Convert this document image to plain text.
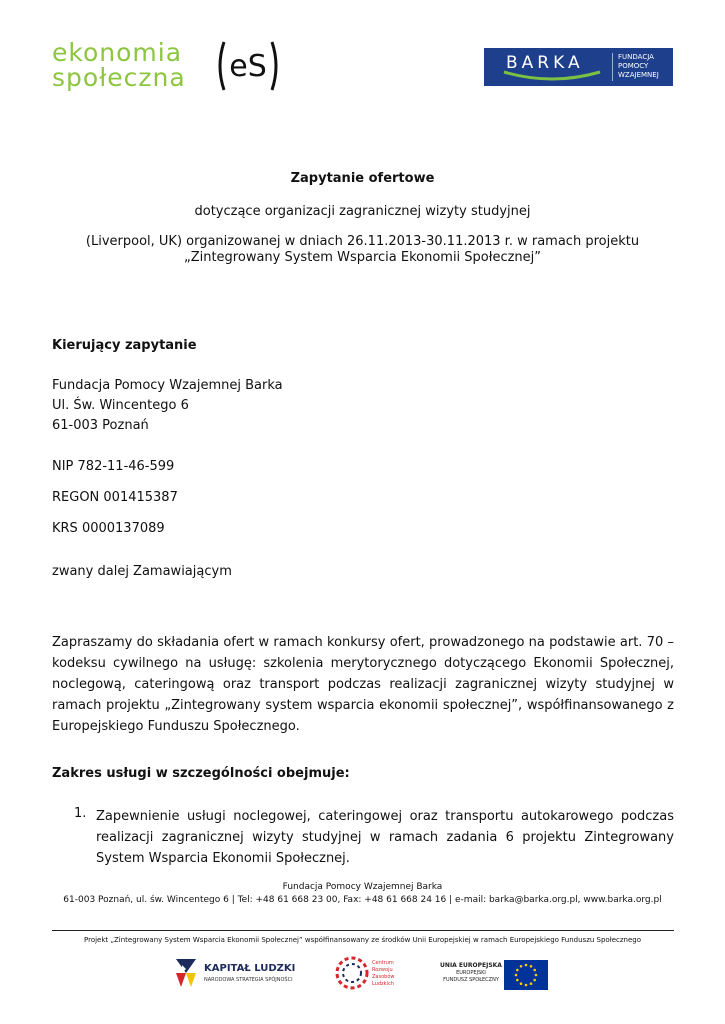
ekonomia
społeczna eS	BARKA	FUNDACJA
POMOCY
WZAJEMNEJ
Zapytanie ofertowe
dotyczące organizacji zagranicznej wizyty studyjnej
(Liverpool, UK) organizowanej w dniach 26.11.2013-30.11.2013 r. w ramach projektu
„Zintegrowany System Wsparcia Ekonomii Społecznej”
Kierujący zapytanie
Fundacja Pomocy Wzajemnej Barka
Ul. Św. Wincentego 6
61-003 Poznań
NIP 782-11-46-599
REGON 001415387
KRS 0000137089
zwany dalej Zamawiającym
Zapraszamy do składania ofert w ramach konkursy ofert, prowadzonego na podstawie art. 70 – kodeksu cywilnego na usługę: szkolenia merytorycznego dotyczącego Ekonomii Społecznej, noclegową, cateringową oraz transport podczas realizacji zagranicznej wizyty studyjnej w ramach projektu „Zintegrowany system wsparcia ekonomii społecznej”, współfinansowanego z Europejskiego Funduszu Społecznego.
Zakres usługi w szczególności obejmuje:
1. Zapewnienie usługi noclegowej, cateringowej oraz transportu autokarowego podczas realizacji zagranicznej wizyty studyjnej w ramach zadania 6 projektu Zintegrowany System Wsparcia Ekonomii Społecznej.
Fundacja Pomocy Wzajemnej Barka
61-003 Poznań, ul. św. Wincentego 6 | Tel: +48 61 668 23 00, Fax: +48 61 668 24 16 | e-mail: barka@barka.org.pl, www.barka.org.pl
Projekt „Zintegrowany System Wsparcia Ekonomii Społecznej” współfinansowany ze środków Unii Europejskiej w ramach Europejskiego Funduszu Społecznego
KAPITAŁ LUDZKI
NARODOWA STRATEGIA SPÓJNOŚCI
Centrum
Rozwoju
Zasobów
Ludzkich
UNIA EUROPEJSKA
EUROPEJSKI
FUNDUSZ SPOŁECZNY
